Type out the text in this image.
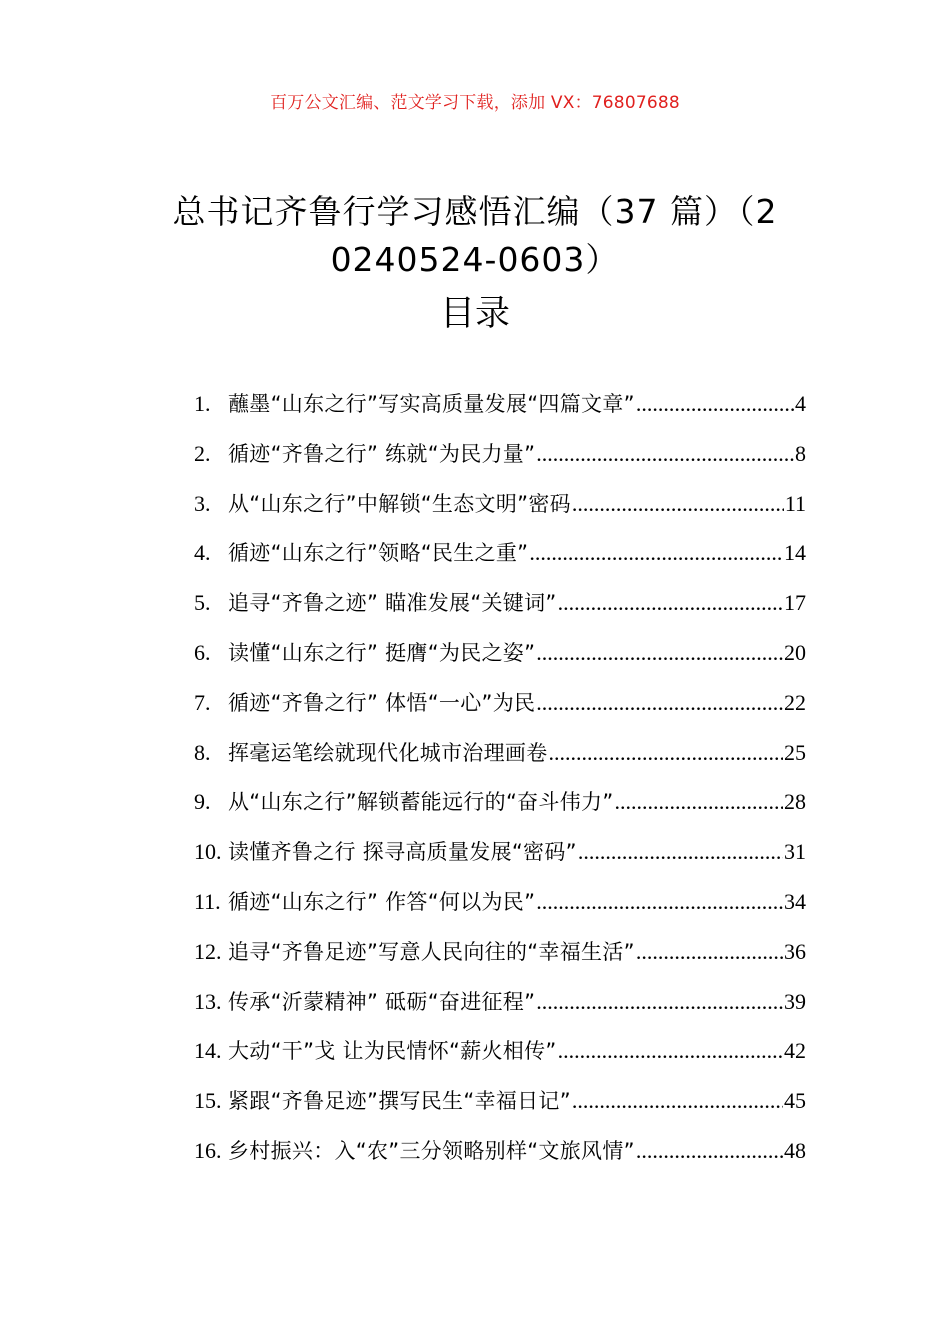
百万公文汇编、范文学习下载，添加 VX：76807688
总书记齐鲁行学习感悟汇编（37 篇）（2
0240524-0603）
目录
1. 蘸墨“山东之行”写实高质量发展“四篇文章” .....	4
2. 循迹“齐鲁之行” 练就“为民力量” .....	8
3. 从“山东之行”中解锁“生态文明”密码 .....	11
4. 循迹“山东之行”领略“民生之重” .....	14
5. 追寻“齐鲁之迹” 瞄准发展“关键词” .....	17
6. 读懂“山东之行” 挺膺“为民之姿” .....	20
7. 循迹“齐鲁之行” 体悟“一心”为民 .....	22
8. 挥毫运笔绘就现代化城市治理画卷 .....	25
9. 从“山东之行”解锁蓄能远行的“奋斗伟力” .....	28
10. 读懂齐鲁之行 探寻高质量发展“密码” .....	31
11. 循迹“山东之行” 作答“何以为民” .....	34
12. 追寻“齐鲁足迹”写意人民向往的“幸福生活” .....	36
13. 传承“沂蒙精神” 砥砺“奋进征程” .....	39
14. 大动“干”戈 让为民情怀“薪火相传” .....	42
15. 紧跟“齐鲁足迹”撰写民生“幸福日记” .....	45
16. 乡村振兴：入“农”三分领略别样“文旅风情” .....	48
